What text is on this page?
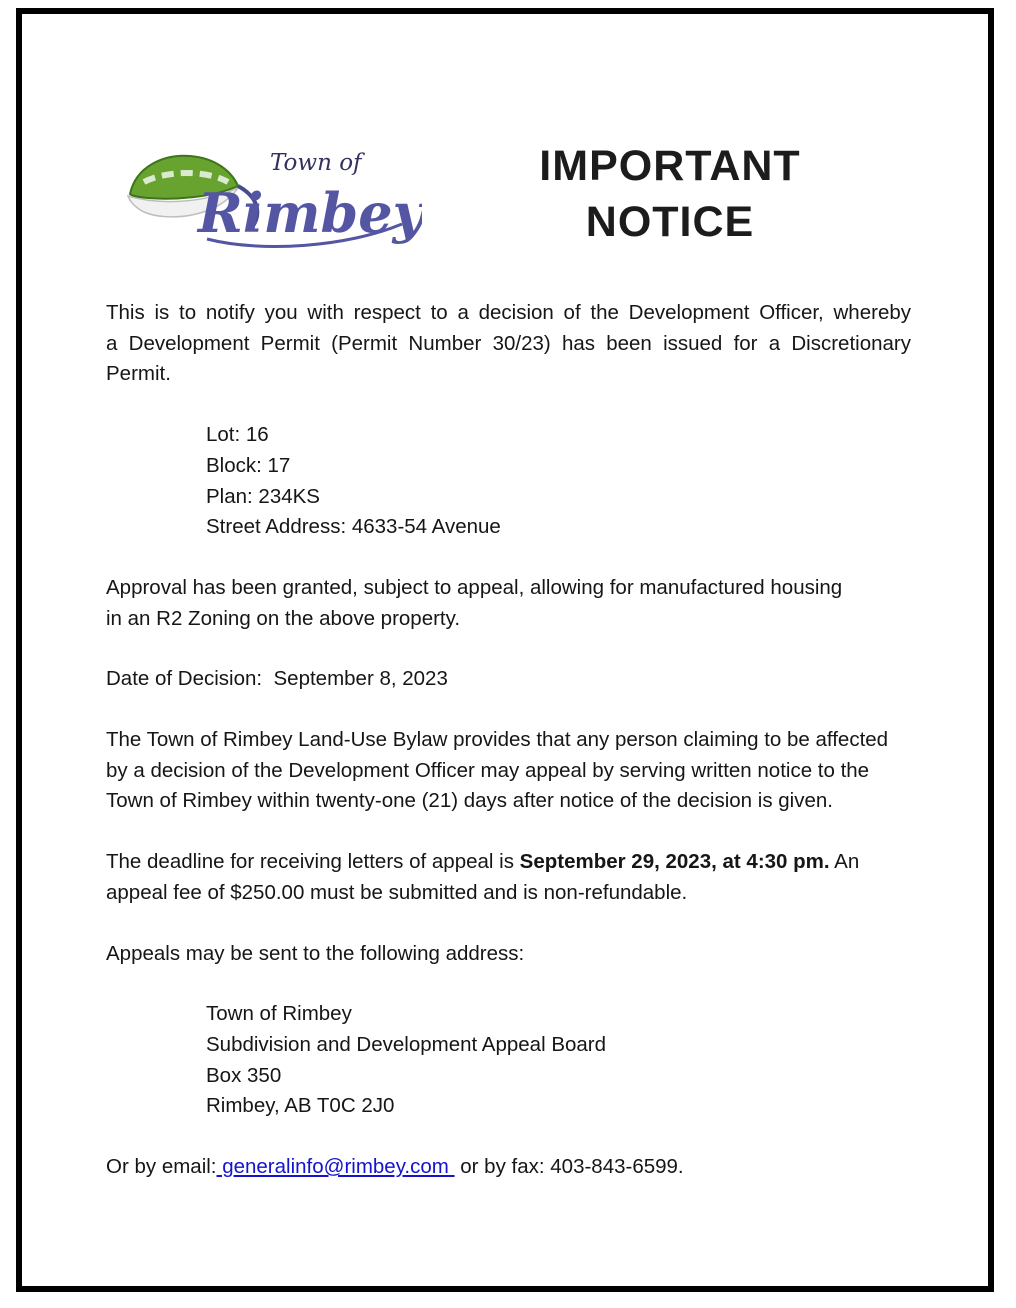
Town of
Rimbey
IMPORTANT
NOTICE

This is to notify you with respect to a decision of the Development Officer, whereby a Development Permit (Permit Number 30/23) has been issued for a Discretionary Permit.

Lot: 16
Block: 17
Plan: 234KS
Street Address: 4633-54 Avenue

Approval has been granted, subject to appeal, allowing for manufactured housing in an R2 Zoning on the above property.

Date of Decision:  September 8, 2023

The Town of Rimbey Land-Use Bylaw provides that any person claiming to be affected by a decision of the Development Officer may appeal by serving written notice to the Town of Rimbey within twenty-one (21) days after notice of the decision is given.

The deadline for receiving letters of appeal is September 29, 2023, at 4:30 pm. An appeal fee of $250.00 must be submitted and is non-refundable.

Appeals may be sent to the following address:

Town of Rimbey
Subdivision and Development Appeal Board
Box 350
Rimbey, AB T0C 2J0

Or by email: generalinfo@rimbey.com  or by fax: 403-843-6599.
